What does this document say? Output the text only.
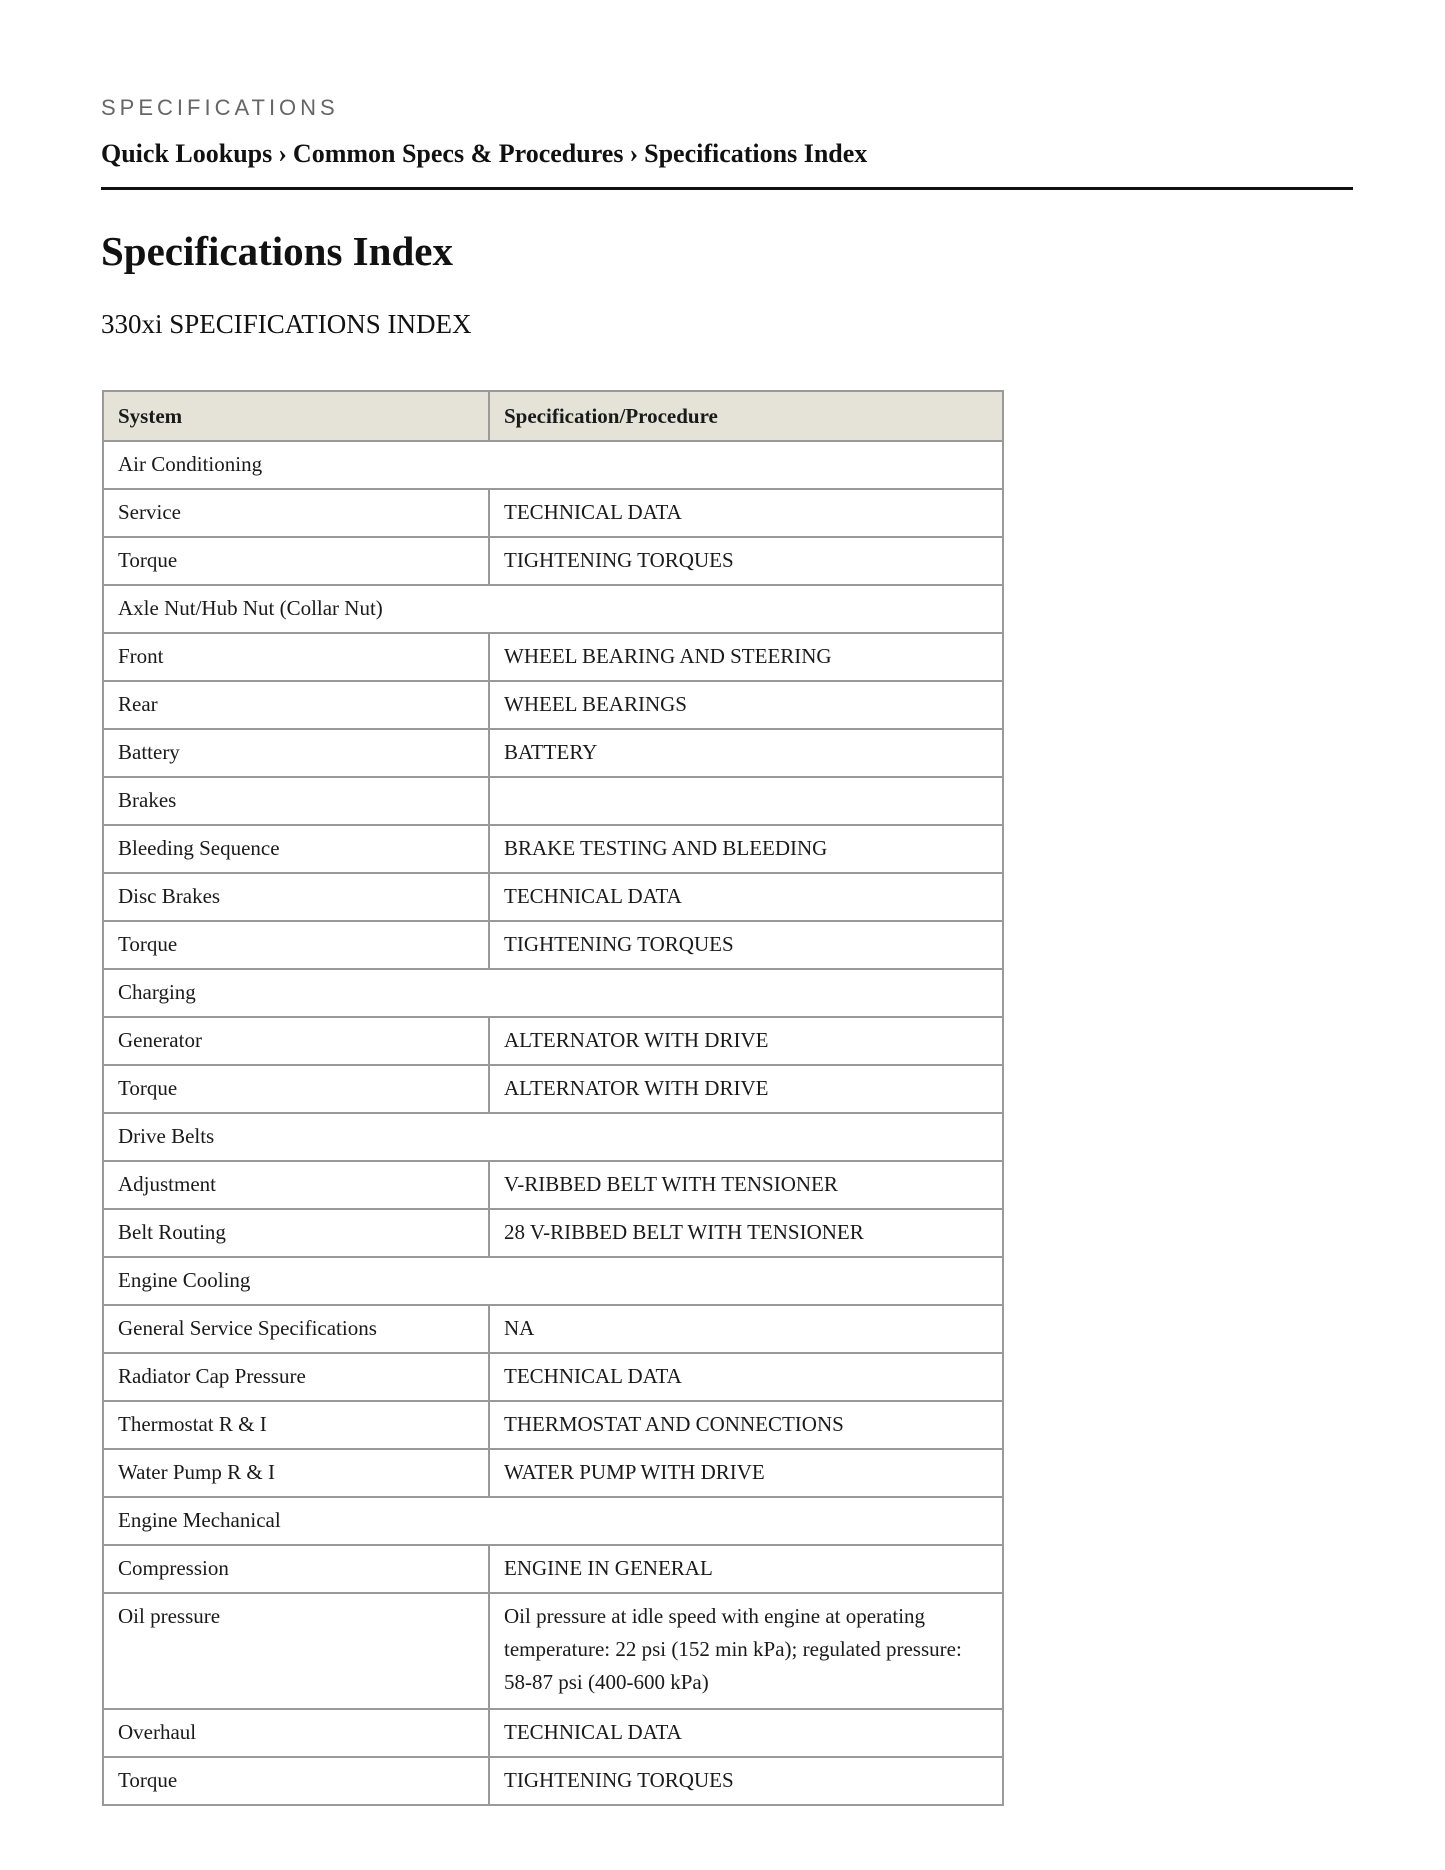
SPECIFICATIONS
Quick Lookups › Common Specs & Procedures › Specifications Index
Specifications Index
330xi SPECIFICATIONS INDEX
System	Specification/Procedure
Air Conditioning	
Service	TECHNICAL DATA
Torque	TIGHTENING TORQUES
Axle Nut/Hub Nut (Collar Nut)	
Front	WHEEL BEARING AND STEERING
Rear	WHEEL BEARINGS
Battery	BATTERY
Brakes	
Bleeding Sequence	BRAKE TESTING AND BLEEDING
Disc Brakes	TECHNICAL DATA
Torque	TIGHTENING TORQUES
Charging	
Generator	ALTERNATOR WITH DRIVE
Torque	ALTERNATOR WITH DRIVE
Drive Belts	
Adjustment	V-RIBBED BELT WITH TENSIONER
Belt Routing	28 V-RIBBED BELT WITH TENSIONER
Engine Cooling	
General Service Specifications	NA
Radiator Cap Pressure	TECHNICAL DATA
Thermostat R & I	THERMOSTAT AND CONNECTIONS
Water Pump R & I	WATER PUMP WITH DRIVE
Engine Mechanical	
Compression	ENGINE IN GENERAL
Oil pressure	Oil pressure at idle speed with engine at operating temperature: 22 psi (152 min kPa); regulated pressure: 58-87 psi (400-600 kPa)
Overhaul	TECHNICAL DATA
Torque	TIGHTENING TORQUES
